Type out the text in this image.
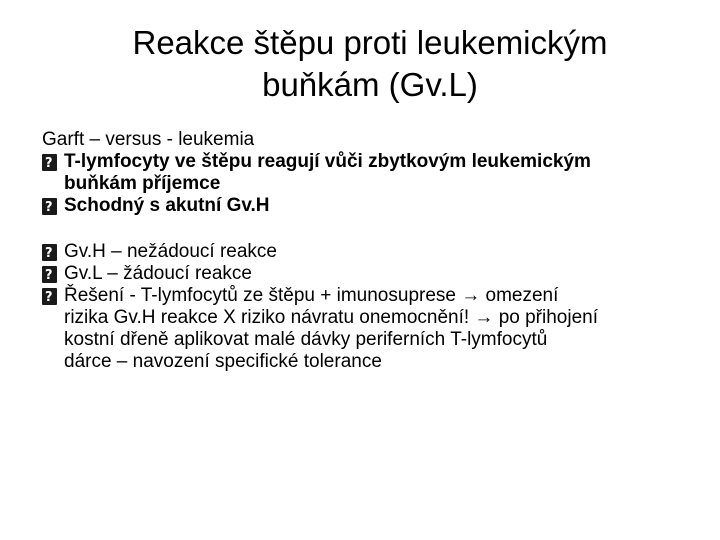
Reakce štěpu proti leukemickým
buňkám (Gv.L)
Garft – versus - leukemia
?
T-lymfocyty ve štěpu reagují vůči zbytkovým leukemickým
buňkám příjemce
?
Schodný s akutní Gv.H
?
Gv.H – nežádoucí reakce
?
Gv.L – žádoucí reakce
?
Řešení - T-lymfocytů ze štěpu + imunosuprese → omezení
rizika Gv.H reakce X riziko návratu onemocnění! → po přihojení
kostní dřeně aplikovat malé dávky periferních T-lymfocytů
dárce – navození specifické tolerance
